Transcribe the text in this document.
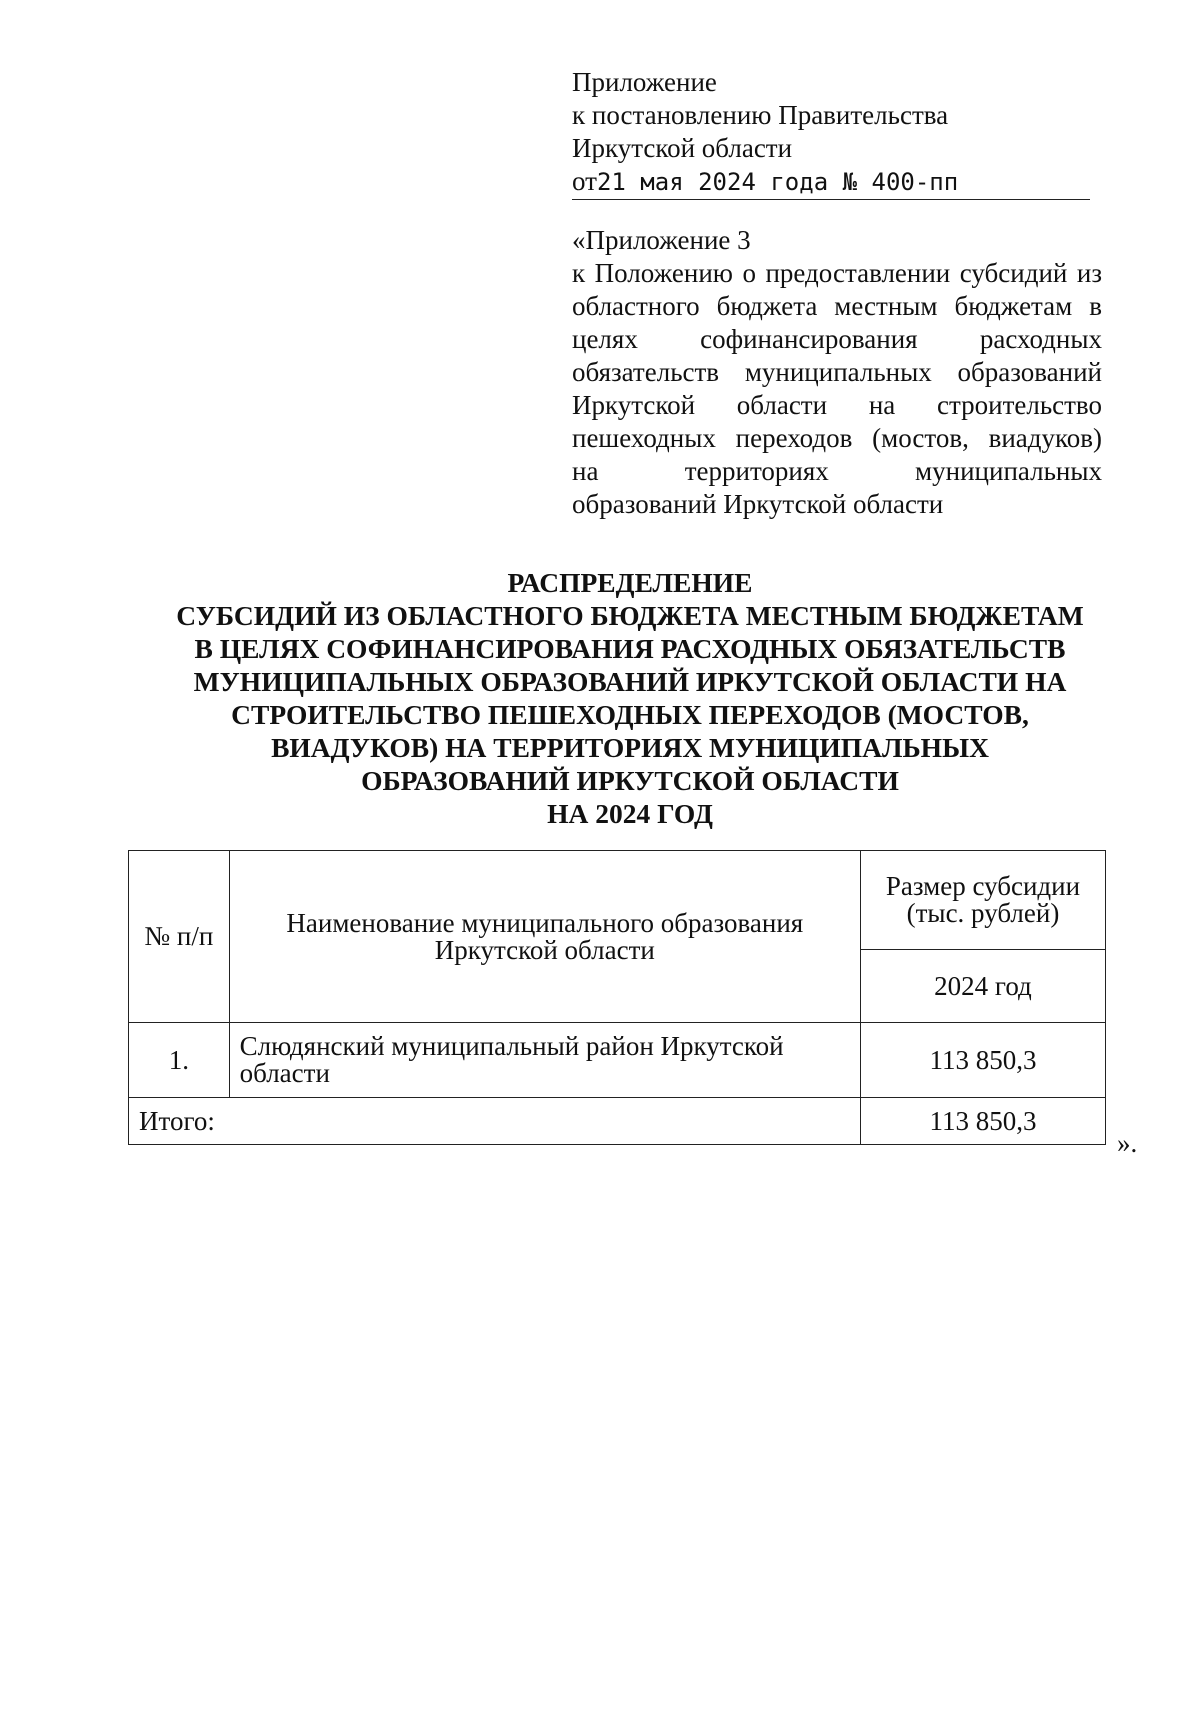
Приложение
к постановлению Правительства
Иркутской области
от21 мая 2024 года № 400-пп
«Приложение 3
к Положению о предоставлении субсидий из
областного бюджета местным бюджетам в
целях софинансирования расходных
обязательств муниципальных образований
Иркутской области на строительство
пешеходных переходов (мостов, виадуков)
на территориях муниципальных
образований Иркутской области
РАСПРЕДЕЛЕНИЕ
СУБСИДИЙ ИЗ ОБЛАСТНОГО БЮДЖЕТА МЕСТНЫМ БЮДЖЕТАМ
В ЦЕЛЯХ СОФИНАНСИРОВАНИЯ РАСХОДНЫХ ОБЯЗАТЕЛЬСТВ
МУНИЦИПАЛЬНЫХ ОБРАЗОВАНИЙ ИРКУТСКОЙ ОБЛАСТИ НА
СТРОИТЕЛЬСТВО ПЕШЕХОДНЫХ ПЕРЕХОДОВ (МОСТОВ,
ВИАДУКОВ) НА ТЕРРИТОРИЯХ МУНИЦИПАЛЬНЫХ
ОБРАЗОВАНИЙ ИРКУТСКОЙ ОБЛАСТИ
НА 2024 ГОД
№ п/п	Наименование муниципального образования Иркутской области	Размер субсидии (тыс. рублей)
		2024 год
1.	Слюдянский муниципальный район Иркутской области	113 850,3
Итого:		113 850,3
».
